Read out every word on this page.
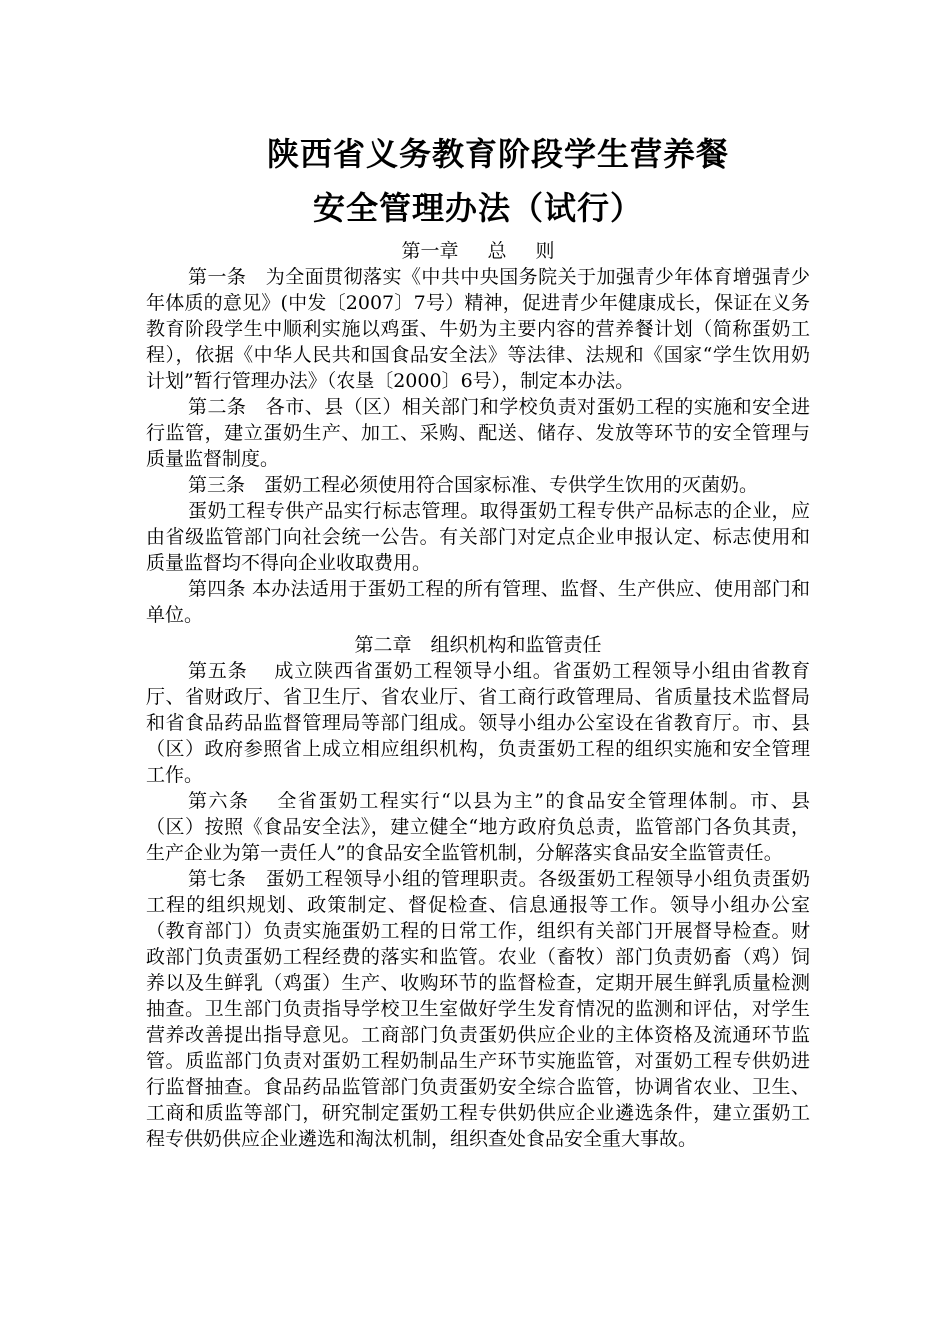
陕西省义务教育阶段学生营养餐
安全管理办法（试行）

第一章　 总　 则

第一条　为全面贯彻落实《中共中央国务院关于加强青少年体育增强青少年体质的意见》(中发〔2007〕7号）精神，促进青少年健康成长，保证在义务教育阶段学生中顺利实施以鸡蛋、牛奶为主要内容的营养餐计划（简称蛋奶工程），依据《中华人民共和国食品安全法》等法律、法规和《国家“学生饮用奶计划”暂行管理办法》（农垦〔2000〕6号），制定本办法。

第二条　各市、县（区）相关部门和学校负责对蛋奶工程的实施和安全进行监管，建立蛋奶生产、加工、采购、配送、储存、发放等环节的安全管理与质量监督制度。

第三条　蛋奶工程必须使用符合国家标准、专供学生饮用的灭菌奶。

蛋奶工程专供产品实行标志管理。取得蛋奶工程专供产品标志的企业，应由省级监管部门向社会统一公告。有关部门对定点企业申报认定、标志使用和质量监督均不得向企业收取费用。

第四条 本办法适用于蛋奶工程的所有管理、监督、生产供应、使用部门和单位。

第二章　组织机构和监管责任

第五条　 成立陕西省蛋奶工程领导小组。省蛋奶工程领导小组由省教育厅、省财政厅、省卫生厅、省农业厅、省工商行政管理局、省质量技术监督局和省食品药品监督管理局等部门组成。领导小组办公室设在省教育厅。市、县（区）政府参照省上成立相应组织机构，负责蛋奶工程的组织实施和安全管理工作。

第六条　 全省蛋奶工程实行“以县为主”的食品安全管理体制。市、县（区）按照《食品安全法》，建立健全“地方政府负总责，监管部门各负其责，生产企业为第一责任人”的食品安全监管机制，分解落实食品安全监管责任。

第七条　蛋奶工程领导小组的管理职责。各级蛋奶工程领导小组负责蛋奶工程的组织规划、政策制定、督促检查、信息通报等工作。领导小组办公室（教育部门）负责实施蛋奶工程的日常工作，组织有关部门开展督导检查。财政部门负责蛋奶工程经费的落实和监管。农业（畜牧）部门负责奶畜（鸡）饲养以及生鲜乳（鸡蛋）生产、收购环节的监督检查，定期开展生鲜乳质量检测抽查。卫生部门负责指导学校卫生室做好学生发育情况的监测和评估，对学生营养改善提出指导意见。工商部门负责蛋奶供应企业的主体资格及流通环节监管。质监部门负责对蛋奶工程奶制品生产环节实施监管，对蛋奶工程专供奶进行监督抽查。食品药品监管部门负责蛋奶安全综合监管，协调省农业、卫生、工商和质监等部门，研究制定蛋奶工程专供奶供应企业遴选条件，建立蛋奶工程专供奶供应企业遴选和淘汰机制，组织查处食品安全重大事故。
